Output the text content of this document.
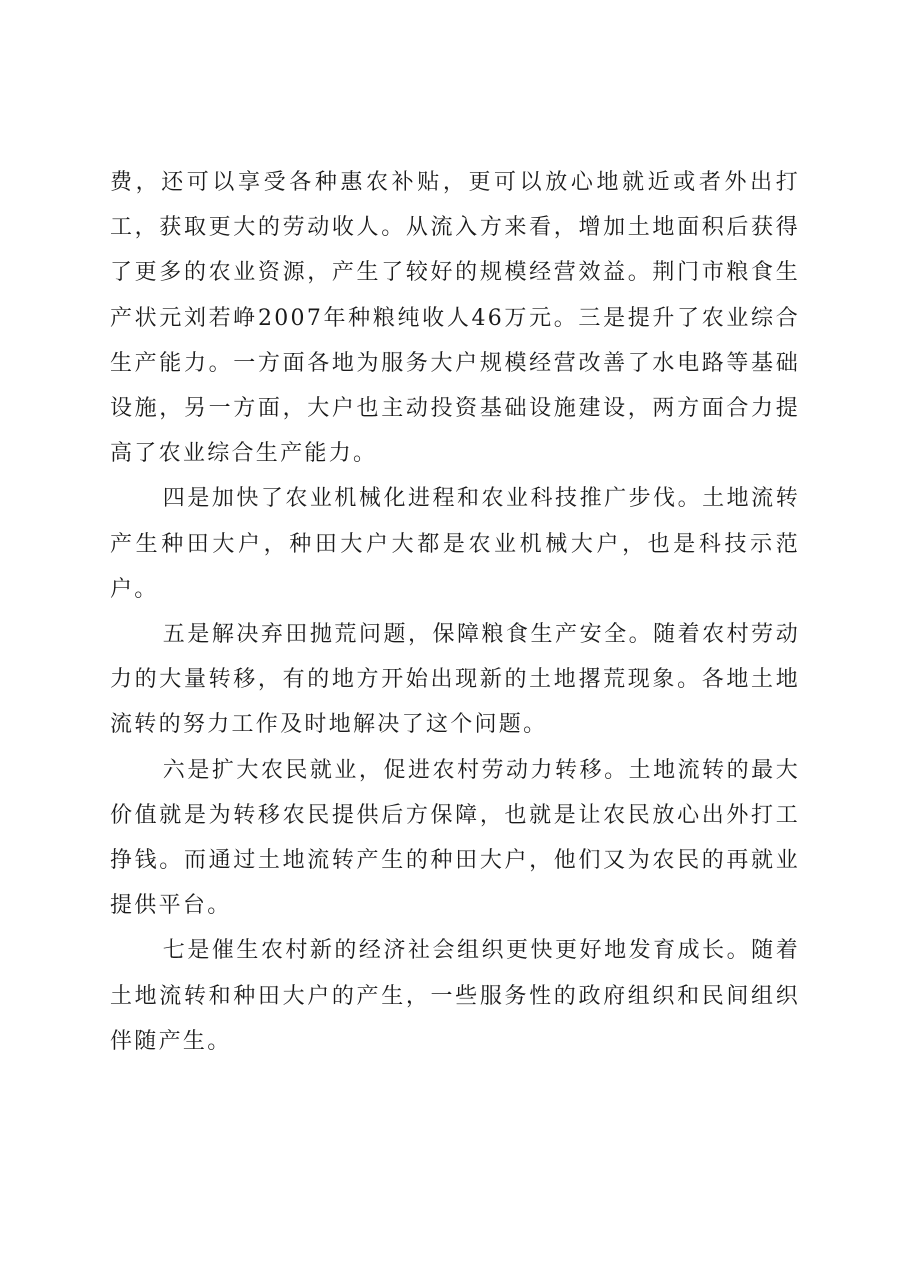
费，还可以享受各种惠农补贴，更可以放心地就近或者外出打工，获取更大的劳动收人。从流入方来看，增加土地面积后获得了更多的农业资源，产生了较好的规模经营效益。荆门市粮食生产状元刘若峥2007年种粮纯收人46万元。三是提升了农业综合生产能力。一方面各地为服务大户规模经营改善了水电路等基础设施，另一方面，大户也主动投资基础设施建设，两方面合力提高了农业综合生产能力。

四是加快了农业机械化进程和农业科技推广步伐。土地流转产生种田大户，种田大户大都是农业机械大户，也是科技示范户。

五是解决弃田抛荒问题，保障粮食生产安全。随着农村劳动力的大量转移，有的地方开始出现新的土地撂荒现象。各地土地流转的努力工作及时地解决了这个问题。

六是扩大农民就业，促进农村劳动力转移。土地流转的最大价值就是为转移农民提供后方保障，也就是让农民放心出外打工挣钱。而通过土地流转产生的种田大户，他们又为农民的再就业提供平台。

七是催生农村新的经济社会组织更快更好地发育成长。随着土地流转和种田大户的产生，一些服务性的政府组织和民间组织伴随产生。
